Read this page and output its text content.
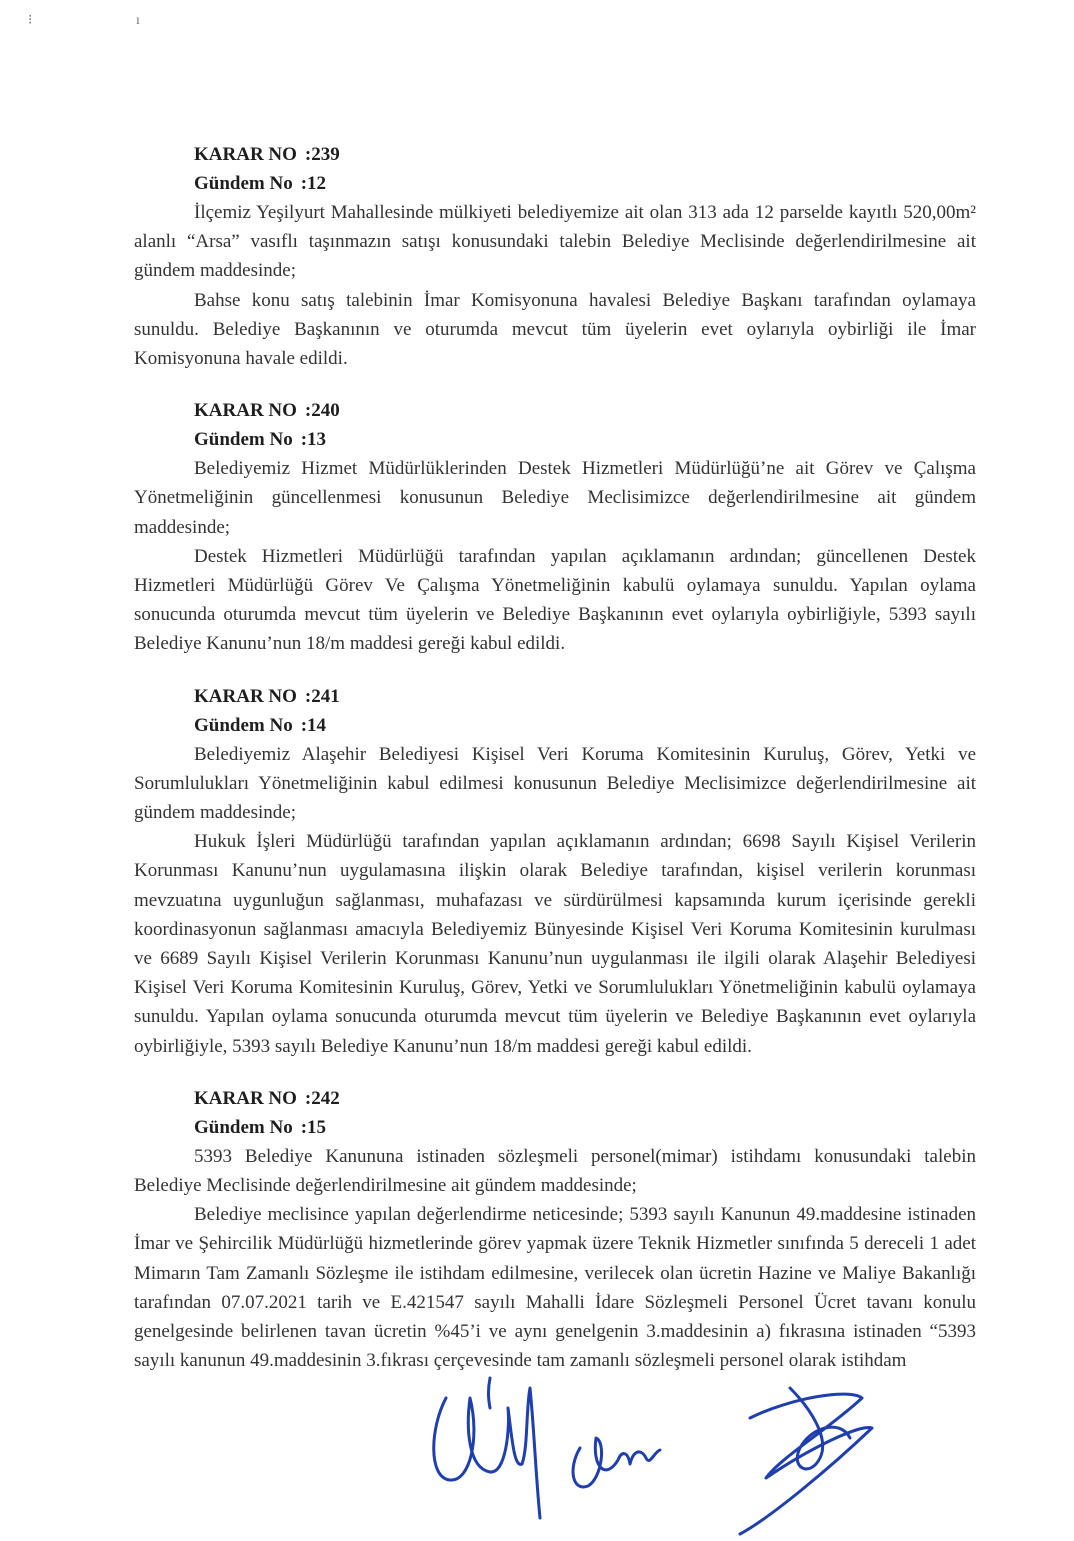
⁝ ı
KARAR NO :239
Gündem No :12

İlçemiz Yeşilyurt Mahallesinde mülkiyeti belediyemize ait olan 313 ada 12 parselde kayıtlı 520,00m² alanlı “Arsa” vasıflı taşınmazın satışı konusundaki talebin Belediye Meclisinde değerlendirilmesine ait gündem maddesinde;

Bahse konu satış talebinin İmar Komisyonuna havalesi Belediye Başkanı tarafından oylamaya sunuldu. Belediye Başkanının ve oturumda mevcut tüm üyelerin evet oylarıyla oybirliği ile İmar Komisyonuna havale edildi.

KARAR NO :240
Gündem No :13

Belediyemiz Hizmet Müdürlüklerinden Destek Hizmetleri Müdürlüğü’ne ait Görev ve Çalışma Yönetmeliğinin güncellenmesi konusunun Belediye Meclisimizce değerlendirilmesine ait gündem maddesinde;

Destek Hizmetleri Müdürlüğü tarafından yapılan açıklamanın ardından; güncellenen Destek Hizmetleri Müdürlüğü Görev Ve Çalışma Yönetmeliğinin kabulü oylamaya sunuldu. Yapılan oylama sonucunda oturumda mevcut tüm üyelerin ve Belediye Başkanının evet oylarıyla oybirliğiyle, 5393 sayılı Belediye Kanunu’nun 18/m maddesi gereği kabul edildi.

KARAR NO :241
Gündem No :14

Belediyemiz Alaşehir Belediyesi Kişisel Veri Koruma Komitesinin Kuruluş, Görev, Yetki ve Sorumlulukları Yönetmeliğinin kabul edilmesi konusunun Belediye Meclisimizce değerlendirilmesine ait gündem maddesinde;

Hukuk İşleri Müdürlüğü tarafından yapılan açıklamanın ardından; 6698 Sayılı Kişisel Verilerin Korunması Kanunu’nun uygulamasına ilişkin olarak Belediye tarafından, kişisel verilerin korunması mevzuatına uygunluğun sağlanması, muhafazası ve sürdürülmesi kapsamında kurum içerisinde gerekli koordinasyonun sağlanması amacıyla Belediyemiz Bünyesinde Kişisel Veri Koruma Komitesinin kurulması ve 6689 Sayılı Kişisel Verilerin Korunması Kanunu’nun uygulanması ile ilgili olarak Alaşehir Belediyesi Kişisel Veri Koruma Komitesinin Kuruluş, Görev, Yetki ve Sorumlulukları Yönetmeliğinin kabulü oylamaya sunuldu. Yapılan oylama sonucunda oturumda mevcut tüm üyelerin ve Belediye Başkanının evet oylarıyla oybirliğiyle, 5393 sayılı Belediye Kanunu’nun 18/m maddesi gereği kabul edildi.

KARAR NO :242
Gündem No :15

5393 Belediye Kanununa istinaden sözleşmeli personel(mimar) istihdamı konusundaki talebin Belediye Meclisinde değerlendirilmesine ait gündem maddesinde;

Belediye meclisince yapılan değerlendirme neticesinde; 5393 sayılı Kanunun 49.maddesine istinaden İmar ve Şehircilik Müdürlüğü hizmetlerinde görev yapmak üzere Teknik Hizmetler sınıfında 5 dereceli 1 adet Mimarın Tam Zamanlı Sözleşme ile istihdam edilmesine, verilecek olan ücretin Hazine ve Maliye Bakanlığı tarafından 07.07.2021 tarih ve E.421547 sayılı Mahalli İdare Sözleşmeli Personel Ücret tavanı konulu genelgesinde belirlenen tavan ücretin %45’i ve aynı genelgenin 3.maddesinin a) fıkrasına istinaden “5393 sayılı kanunun 49.maddesinin 3.fıkrası çerçevesinde tam zamanlı sözleşmeli personel olarak istihdam
